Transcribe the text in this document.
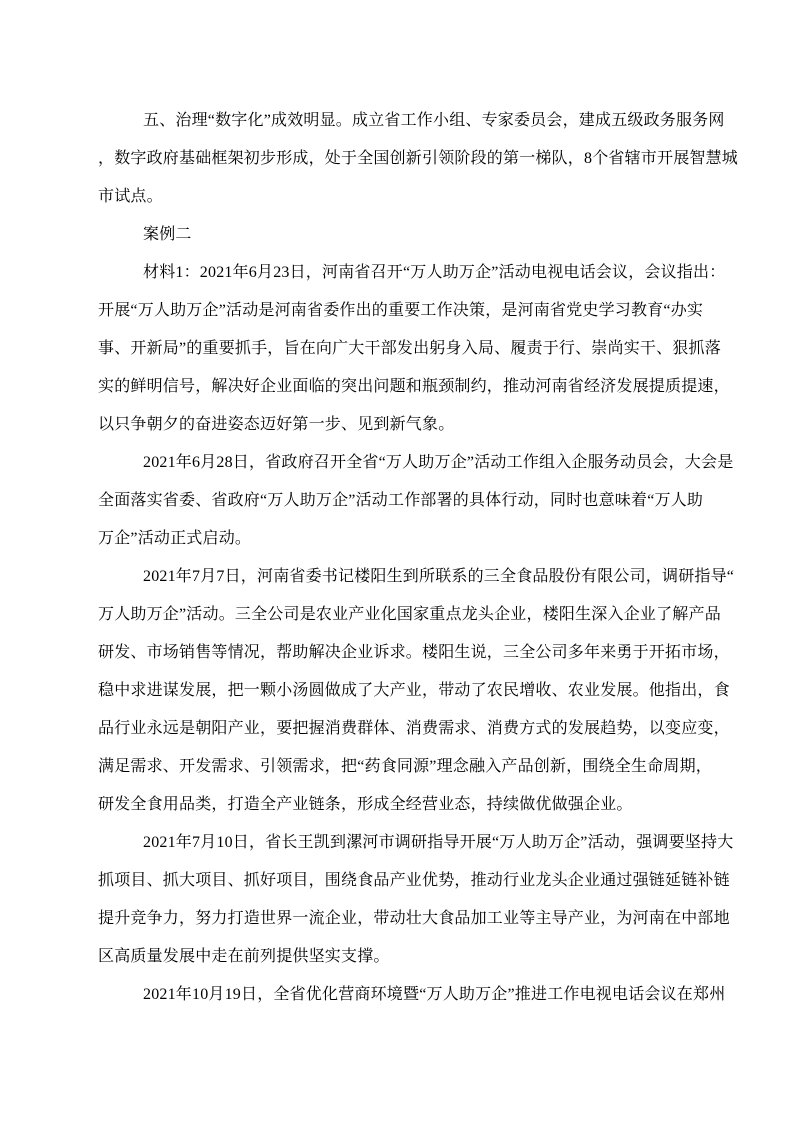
五、治理“数字化”成效明显。成立省工作小组、专家委员会，建成五级政务服务网
，数字政府基础框架初步形成，处于全国创新引领阶段的第一梯队，8个省辖市开展智慧城
市试点。
案例二
材料1：2021年6月23日，河南省召开“万人助万企”活动电视电话会议，会议指出：
开展“万人助万企”活动是河南省委作出的重要工作决策，是河南省党史学习教育“办实
事、开新局”的重要抓手，旨在向广大干部发出躬身入局、履责于行、崇尚实干、狠抓落
实的鲜明信号，解决好企业面临的突出问题和瓶颈制约，推动河南省经济发展提质提速，
以只争朝夕的奋进姿态迈好第一步、见到新气象。
2021年6月28日，省政府召开全省“万人助万企”活动工作组入企服务动员会，大会是
全面落实省委、省政府“万人助万企”活动工作部署的具体行动，同时也意味着“万人助
万企”活动正式启动。
2021年7月7日，河南省委书记楼阳生到所联系的三全食品股份有限公司，调研指导“
万人助万企”活动。三全公司是农业产业化国家重点龙头企业，楼阳生深入企业了解产品
研发、市场销售等情况，帮助解决企业诉求。楼阳生说，三全公司多年来勇于开拓市场，
稳中求进谋发展，把一颗小汤圆做成了大产业，带动了农民增收、农业发展。他指出，食
品行业永远是朝阳产业，要把握消费群体、消费需求、消费方式的发展趋势，以变应变，
满足需求、开发需求、引领需求，把“药食同源”理念融入产品创新，围绕全生命周期，
研发全食用品类，打造全产业链条，形成全经营业态，持续做优做强企业。
2021年7月10日，省长王凯到漯河市调研指导开展“万人助万企”活动，强调要坚持大
抓项目、抓大项目、抓好项目，围绕食品产业优势，推动行业龙头企业通过强链延链补链
提升竞争力，努力打造世界一流企业，带动壮大食品加工业等主导产业，为河南在中部地
区高质量发展中走在前列提供坚实支撑。
2021年10月19日，全省优化营商环境暨“万人助万企”推进工作电视电话会议在郑州
